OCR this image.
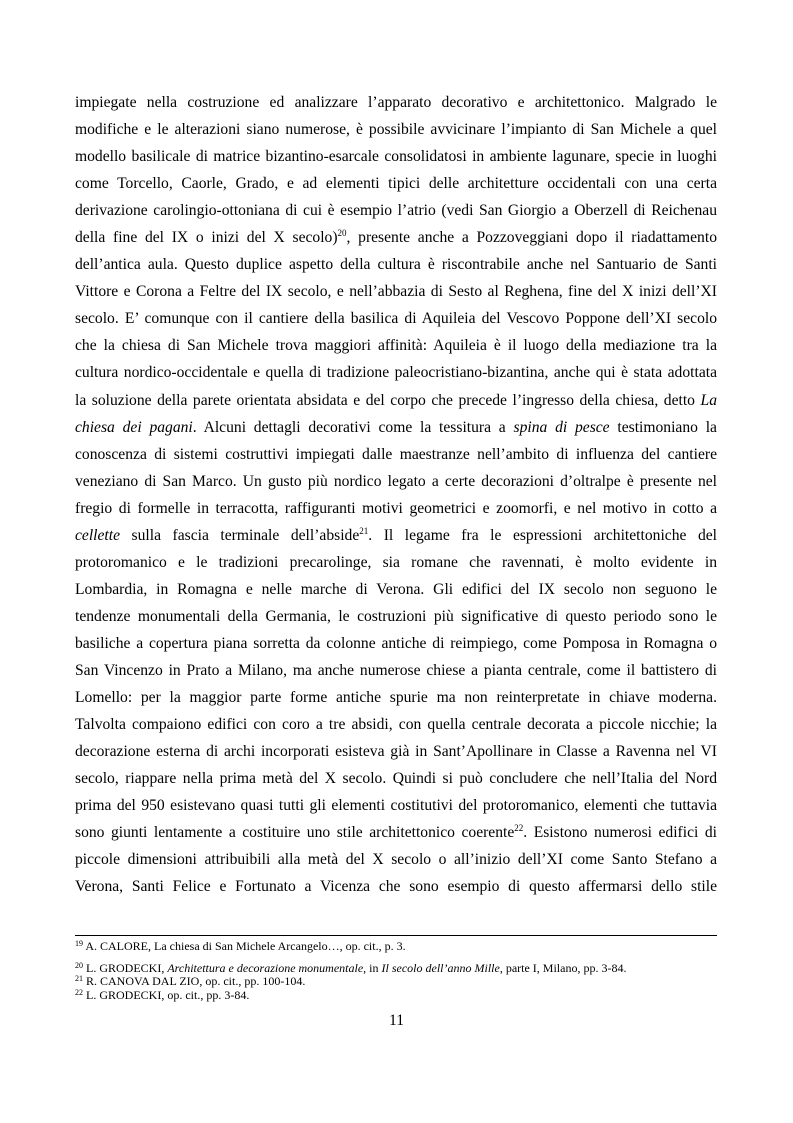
impiegate nella costruzione ed analizzare l’apparato decorativo e architettonico. Malgrado le
modifiche e le alterazioni siano numerose, è possibile avvicinare l’impianto di San Michele a quel
modello basilicale di matrice bizantino-esarcale consolidatosi in ambiente lagunare, specie in luoghi
come Torcello, Caorle, Grado, e ad elementi tipici delle architetture occidentali con una certa
derivazione carolingio-ottoniana di cui è esempio l’atrio (vedi San Giorgio a Oberzell di Reichenau
della fine del IX o inizi del X secolo)$^{20}$, presente anche a Pozzoveggiani dopo il riadattamento
dell’antica aula. Questo duplice aspetto della cultura è riscontrabile anche nel Santuario de Santi
Vittore e Corona a Feltre del IX secolo, e nell’abbazia di Sesto al Reghena, fine del X inizi dell’XI
secolo. E’ comunque con il cantiere della basilica di Aquileia del Vescovo Poppone dell’XI secolo
che la chiesa di San Michele trova maggiori affinità: Aquileia è il luogo della mediazione tra la
cultura nordico-occidentale e quella di tradizione paleocristiano-bizantina, anche qui è stata adottata
la soluzione della parete orientata absidata e del corpo che precede l’ingresso della chiesa, detto La
chiesa dei pagani. Alcuni dettagli decorativi come la tessitura a spina di pesce testimoniano la
conoscenza di sistemi costruttivi impiegati dalle maestranze nell’ambito di influenza del cantiere
veneziano di San Marco. Un gusto più nordico legato a certe decorazioni d’oltralpe è presente nel
fregio di formelle in terracotta, raffiguranti motivi geometrici e zoomorfi, e nel motivo in cotto a
cellette sulla fascia terminale dell’abside$^{21}$. Il legame fra le espressioni architettoniche del
protoromanico e le tradizioni precarolinge, sia romane che ravennati, è molto evidente in
Lombardia, in Romagna e nelle marche di Verona. Gli edifici del IX secolo non seguono le
tendenze monumentali della Germania, le costruzioni più significative di questo periodo sono le
basiliche a copertura piana sorretta da colonne antiche di reimpiego, come Pomposa in Romagna o
San Vincenzo in Prato a Milano, ma anche numerose chiese a pianta centrale, come il battistero di
Lomello: per la maggior parte forme antiche spurie ma non reinterpretate in chiave moderna.
Talvolta compaiono edifici con coro a tre absidi, con quella centrale decorata a piccole nicchie; la
decorazione esterna di archi incorporati esisteva già in Sant’Apollinare in Classe a Ravenna nel VI
secolo, riappare nella prima metà del X secolo. Quindi si può concludere che nell’Italia del Nord
prima del 950 esistevano quasi tutti gli elementi costitutivi del protoromanico, elementi che tuttavia
sono giunti lentamente a costituire uno stile architettonico coerente$^{22}$. Esistono numerosi edifici di
piccole dimensioni attribuibili alla metà del X secolo o all’inizio dell’XI come Santo Stefano a
Verona, Santi Felice e Fortunato a Vicenza che sono esempio di questo affermarsi dello stile
$^{19}$ A. CALORE, La chiesa di San Michele Arcangelo…, op. cit., p. 3.
$^{20}$ L. GRODECKI, Architettura e decorazione monumentale, in Il secolo dell’anno Mille, parte I, Milano, pp. 3-84.
$^{21}$ R. CANOVA DAL ZIO, op. cit., pp. 100-104.
$^{22}$ L. GRODECKI, op. cit., pp. 3-84.
11
